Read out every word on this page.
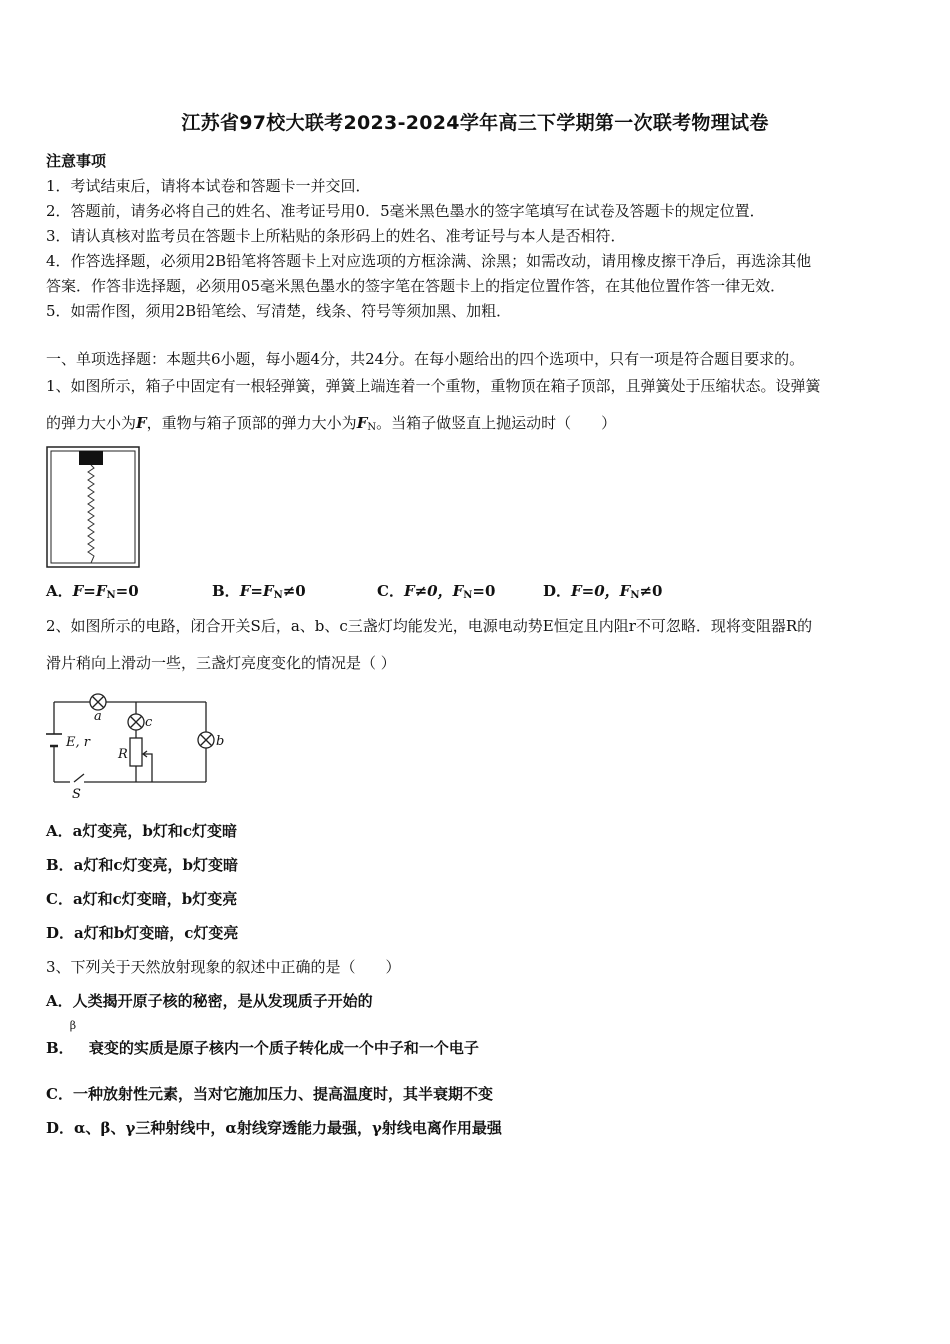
江苏省97校大联考2023-2024学年高三下学期第一次联考物理试卷
注意事项
1．考试结束后，请将本试卷和答题卡一并交回．
2．答题前，请务必将自己的姓名、准考证号用0．5毫米黑色墨水的签字笔填写在试卷及答题卡的规定位置．
3．请认真核对监考员在答题卡上所粘贴的条形码上的姓名、准考证号与本人是否相符．
4．作答选择题，必须用2B铅笔将答题卡上对应选项的方框涂满、涂黑；如需改动，请用橡皮擦干净后，再选涂其他
答案．作答非选择题，必须用05毫米黑色墨水的签字笔在答题卡上的指定位置作答，在其他位置作答一律无效．
5．如需作图，须用2B铅笔绘、写清楚，线条、符号等须加黑、加粗．
一、单项选择题：本题共6小题，每小题4分，共24分。在每小题给出的四个选项中，只有一项是符合题目要求的。
1、如图所示，箱子中固定有一根轻弹簧，弹簧上端连着一个重物，重物顶在箱子顶部，且弹簧处于压缩状态。设弹簧
的弹力大小为F，重物与箱子顶部的弹力大小为$F_N$。当箱子做竖直上抛运动时（　　）
A．$F=F_N=0$	B．$F=F_N\ne 0$	C．F≠0，$F_N=0$	D．F=0，$F_N\ne 0$
2、如图所示的电路，闭合开关S后，a、b、c三盏灯均能发光，电源电动势E恒定且内阻r不可忽略．现将变阻器R的
滑片稍向上滑动一些，三盏灯亮度变化的情况是（ ）
a	c
b
E, r
R
S
A．a灯变亮，b灯和c灯变暗
B．a灯和c灯变亮，b灯变暗
C．a灯和c灯变暗，b灯变亮
D．a灯和b灯变暗，c灯变亮
3、下列关于天然放射现象的叙述中正确的是（　　）
A．人类揭开原子核的秘密，是从发现质子开始的
B．
β
衰变的实质是原子核内一个质子转化成一个中子和一个电子
C．一种放射性元素，当对它施加压力、提高温度时，其半衰期不变
D．α、β、γ三种射线中，α射线穿透能力最强，γ射线电离作用最强
